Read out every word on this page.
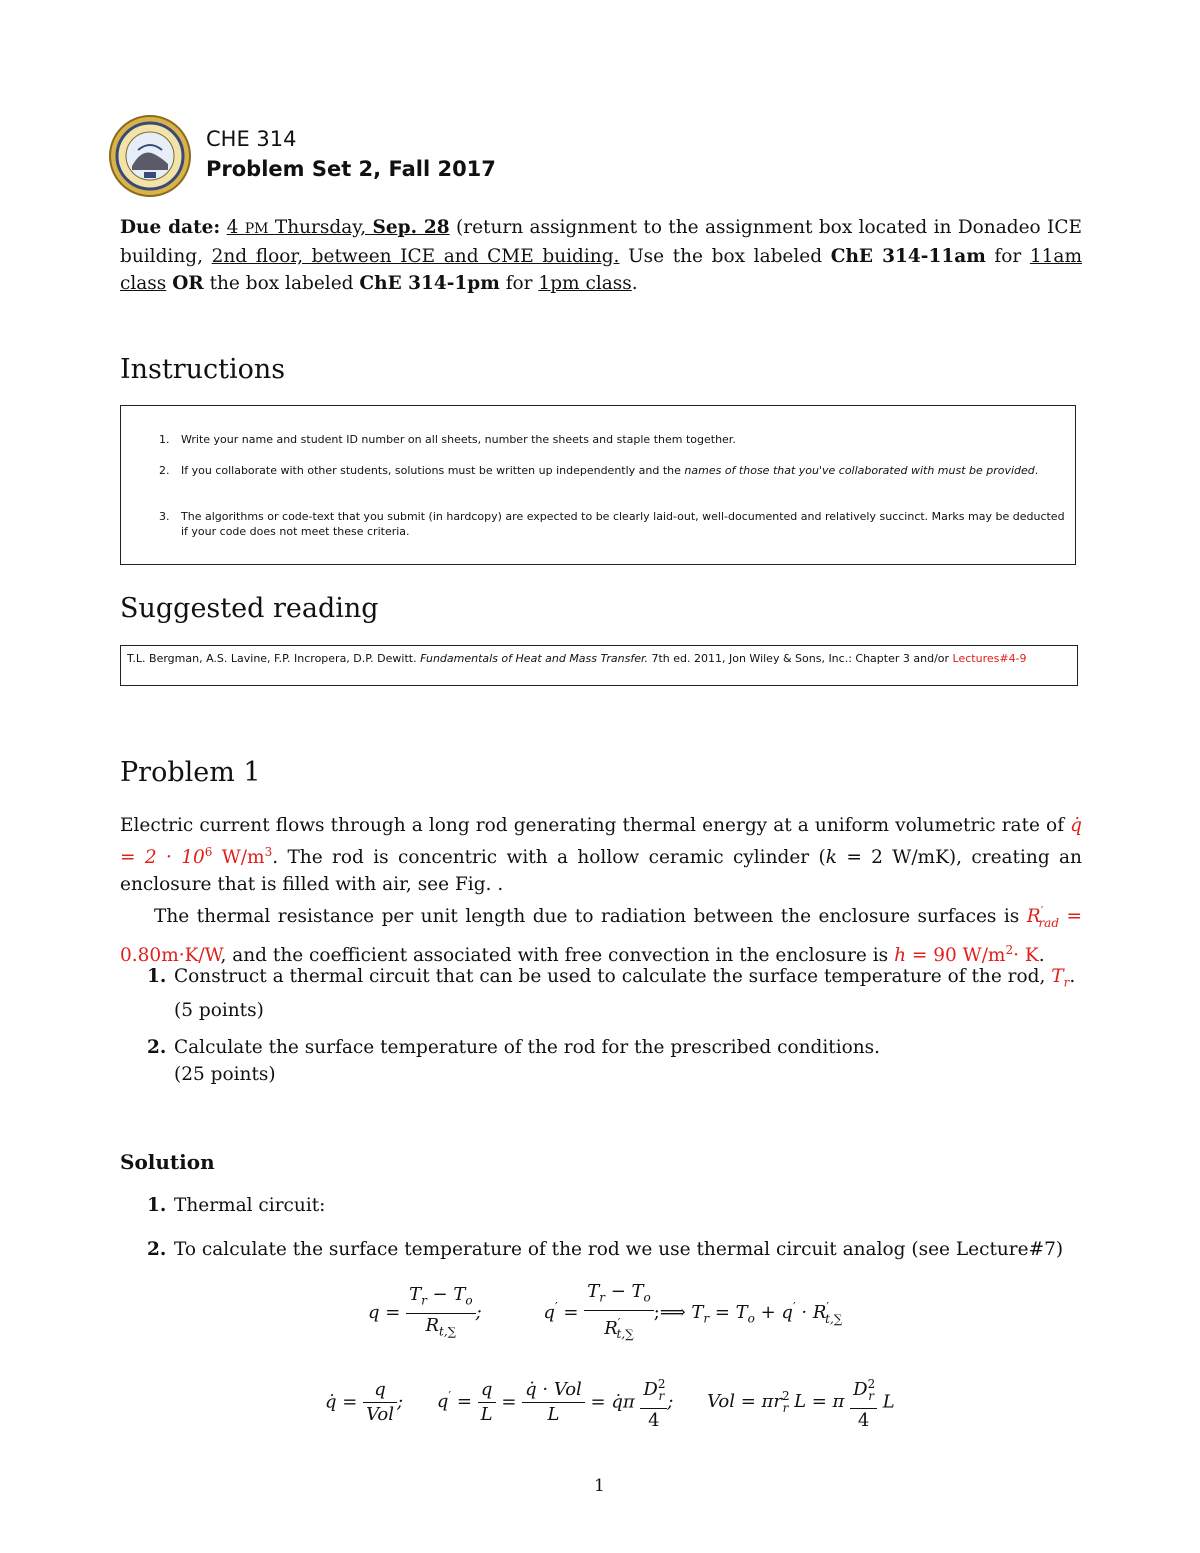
CHE 314
Problem Set 2, Fall 2017
Due date: 4 PM Thursday, Sep. 28 (return assignment to the assignment box located in Donadeo ICE building, 2nd floor, between ICE and CME buiding. Use the box labeled ChE 314-11am for 11am class OR the box labeled ChE 314-1pm for 1pm class.
Instructions
1. Write your name and student ID number on all sheets, number the sheets and staple them together.
2. If you collaborate with other students, solutions must be written up independently and the names of those that you've collaborated with must be provided.
3. The algorithms or code-text that you submit (in hardcopy) are expected to be clearly laid-out, well-documented and relatively succinct. Marks may be deducted if your code does not meet these criteria.
Suggested reading
T.L. Bergman, A.S. Lavine, F.P. Incropera, D.P. Dewitt. Fundamentals of Heat and Mass Transfer. 7th ed. 2011, Jon Wiley & Sons, Inc.: Chapter 3 and/or Lectures#4-9
Problem 1
Electric current flows through a long rod generating thermal energy at a uniform volumetric rate of q̇ = $2 \cdot 10^6$ $W/m^3$. The rod is concentric with a hollow ceramic cylinder (k = 2 W/mK), creating an enclosure that is filled with air, see Fig. .
The thermal resistance per unit length due to radiation between the enclosure surfaces is $R'_{rad} = 0.80m\cdot K/W$, and the coefficient associated with free convection in the enclosure is h = 90 $W/m^2\cdot K$.
1. Construct a thermal circuit that can be used to calculate the surface temperature of the rod, $T_r$.
(5 points)
2. Calculate the surface temperature of the rod for the prescribed conditions.
(25 points)
Solution
1. Thermal circuit:
2. To calculate the surface temperature of the rod we use thermal circuit analog (see Lecture#7)
$q = \frac{T_r - T_o}{R_{t,\sum}}$ ;	$q' = \frac{T_r - T_o}{R'_{t,\sum}}$ ;⟹ $T_r = T_o + q' \cdot R'_{t,\sum}$
q̇ = $\frac{q}{\text{Vol}}$ ; $q' = \frac{q}{L} = \frac{\text{q̇ · Vol}}{L}$ = q̇π $\frac{D^2_r}{4}$ ; Vol = $\pi r^2_r$ L = π $\frac{D^2_r}{4}$ L
1
